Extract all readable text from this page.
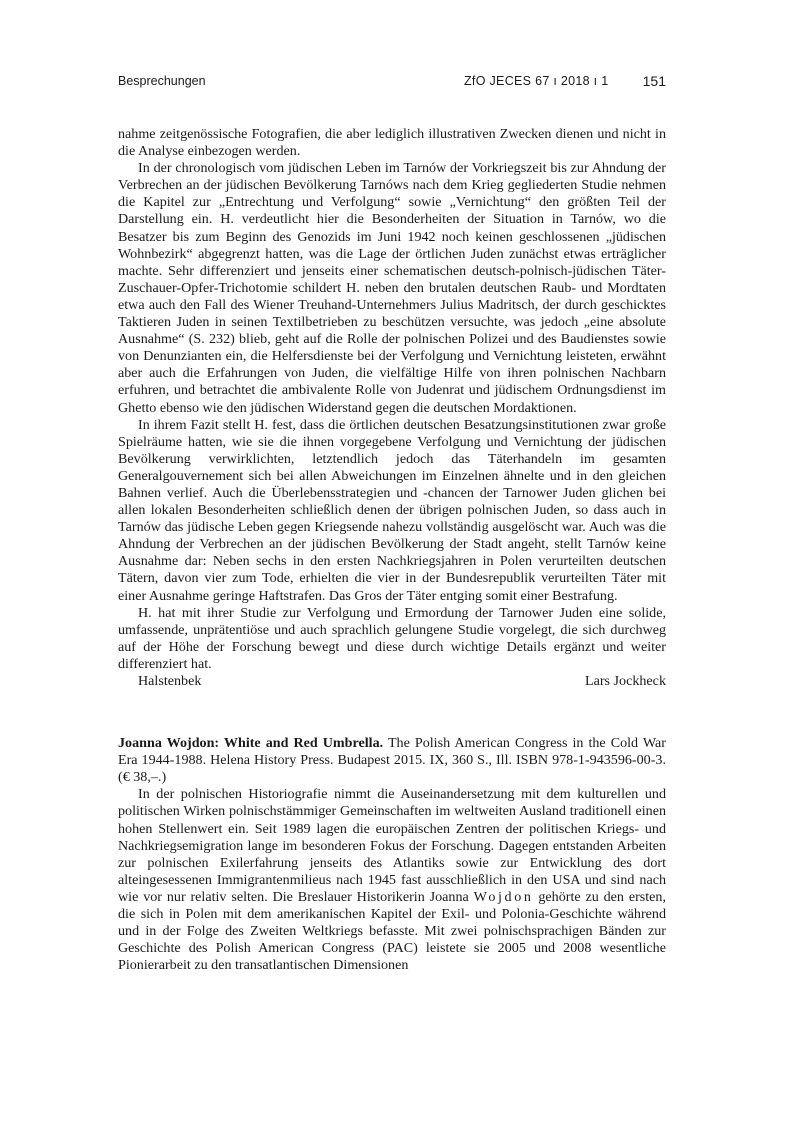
Besprechungen	ZfO JECES 67 ı 2018 ı 1 151

nahme zeitgenössische Fotografien, die aber lediglich illustrativen Zwecken dienen und nicht in die Analyse einbezogen werden.

In der chronologisch vom jüdischen Leben im Tarnów der Vorkriegszeit bis zur Ahndung der Verbrechen an der jüdischen Bevölkerung Tarnóws nach dem Krieg gegliederten Studie nehmen die Kapitel zur „Entrechtung und Verfolgung“ sowie „Vernichtung“ den größten Teil der Darstellung ein. H. verdeutlicht hier die Besonderheiten der Situation in Tarnów, wo die Besatzer bis zum Beginn des Genozids im Juni 1942 noch keinen geschlossenen „jüdischen Wohnbezirk“ abgegrenzt hatten, was die Lage der örtlichen Juden zunächst etwas erträglicher machte. Sehr differenziert und jenseits einer schematischen deutsch-polnisch-jüdischen Täter-Zuschauer-Opfer-Trichotomie schildert H. neben den brutalen deutschen Raub- und Mordtaten etwa auch den Fall des Wiener Treuhand-Unternehmers Julius Madritsch, der durch geschicktes Taktieren Juden in seinen Textilbetrieben zu beschützen versuchte, was jedoch „eine absolute Ausnahme“ (S. 232) blieb, geht auf die Rolle der polnischen Polizei und des Baudienstes sowie von Denunzianten ein, die Helfersdienste bei der Verfolgung und Vernichtung leisteten, erwähnt aber auch die Erfahrungen von Juden, die vielfältige Hilfe von ihren polnischen Nachbarn erfuhren, und betrachtet die ambivalente Rolle von Judenrat und jüdischem Ordnungsdienst im Ghetto ebenso wie den jüdischen Widerstand gegen die deutschen Mordaktionen.

In ihrem Fazit stellt H. fest, dass die örtlichen deutschen Besatzungsinstitutionen zwar große Spielräume hatten, wie sie die ihnen vorgegebene Verfolgung und Vernichtung der jüdischen Bevölkerung verwirklichten, letztendlich jedoch das Täterhandeln im gesamten Generalgouvernement sich bei allen Abweichungen im Einzelnen ähnelte und in den gleichen Bahnen verlief. Auch die Überlebensstrategien und -chancen der Tarnower Juden glichen bei allen lokalen Besonderheiten schließlich denen der übrigen polnischen Juden, so dass auch in Tarnów das jüdische Leben gegen Kriegsende nahezu vollständig ausgelöscht war. Auch was die Ahndung der Verbrechen an der jüdischen Bevölkerung der Stadt angeht, stellt Tarnów keine Ausnahme dar: Neben sechs in den ersten Nachkriegsjahren in Polen verurteilten deutschen Tätern, davon vier zum Tode, erhielten die vier in der Bundesrepublik verurteilten Täter mit einer Ausnahme geringe Haftstrafen. Das Gros der Täter entging somit einer Bestrafung.

H. hat mit ihrer Studie zur Verfolgung und Ermordung der Tarnower Juden eine solide, umfassende, unprätentiöse und auch sprachlich gelungene Studie vorgelegt, die sich durchweg auf der Höhe der Forschung bewegt und diese durch wichtige Details ergänzt und weiter differenziert hat.

Halstenbek	Lars Jockheck

Joanna Wojdon: White and Red Umbrella. The Polish American Congress in the Cold War Era 1944-1988. Helena History Press. Budapest 2015. IX, 360 S., Ill. ISBN 978-1-943596-00-3. (€ 38,–.)

In der polnischen Historiografie nimmt die Auseinandersetzung mit dem kulturellen und politischen Wirken polnischstämmiger Gemeinschaften im weltweiten Ausland traditionell einen hohen Stellenwert ein. Seit 1989 lagen die europäischen Zentren der politischen Kriegs- und Nachkriegsemigration lange im besonderen Fokus der Forschung. Dagegen entstanden Arbeiten zur polnischen Exilerfahrung jenseits des Atlantiks sowie zur Entwicklung des dort alteingesessenen Immigrantenmilieus nach 1945 fast ausschließlich in den USA und sind nach wie vor nur relativ selten. Die Breslauer Historikerin Joanna Wojdon gehörte zu den ersten, die sich in Polen mit dem amerikanischen Kapitel der Exil- und Polonia-Geschichte während und in der Folge des Zweiten Weltkriegs befasste. Mit zwei polnischsprachigen Bänden zur Geschichte des Polish American Congress (PAC) leistete sie 2005 und 2008 wesentliche Pionierarbeit zu den transatlantischen Dimensionen
